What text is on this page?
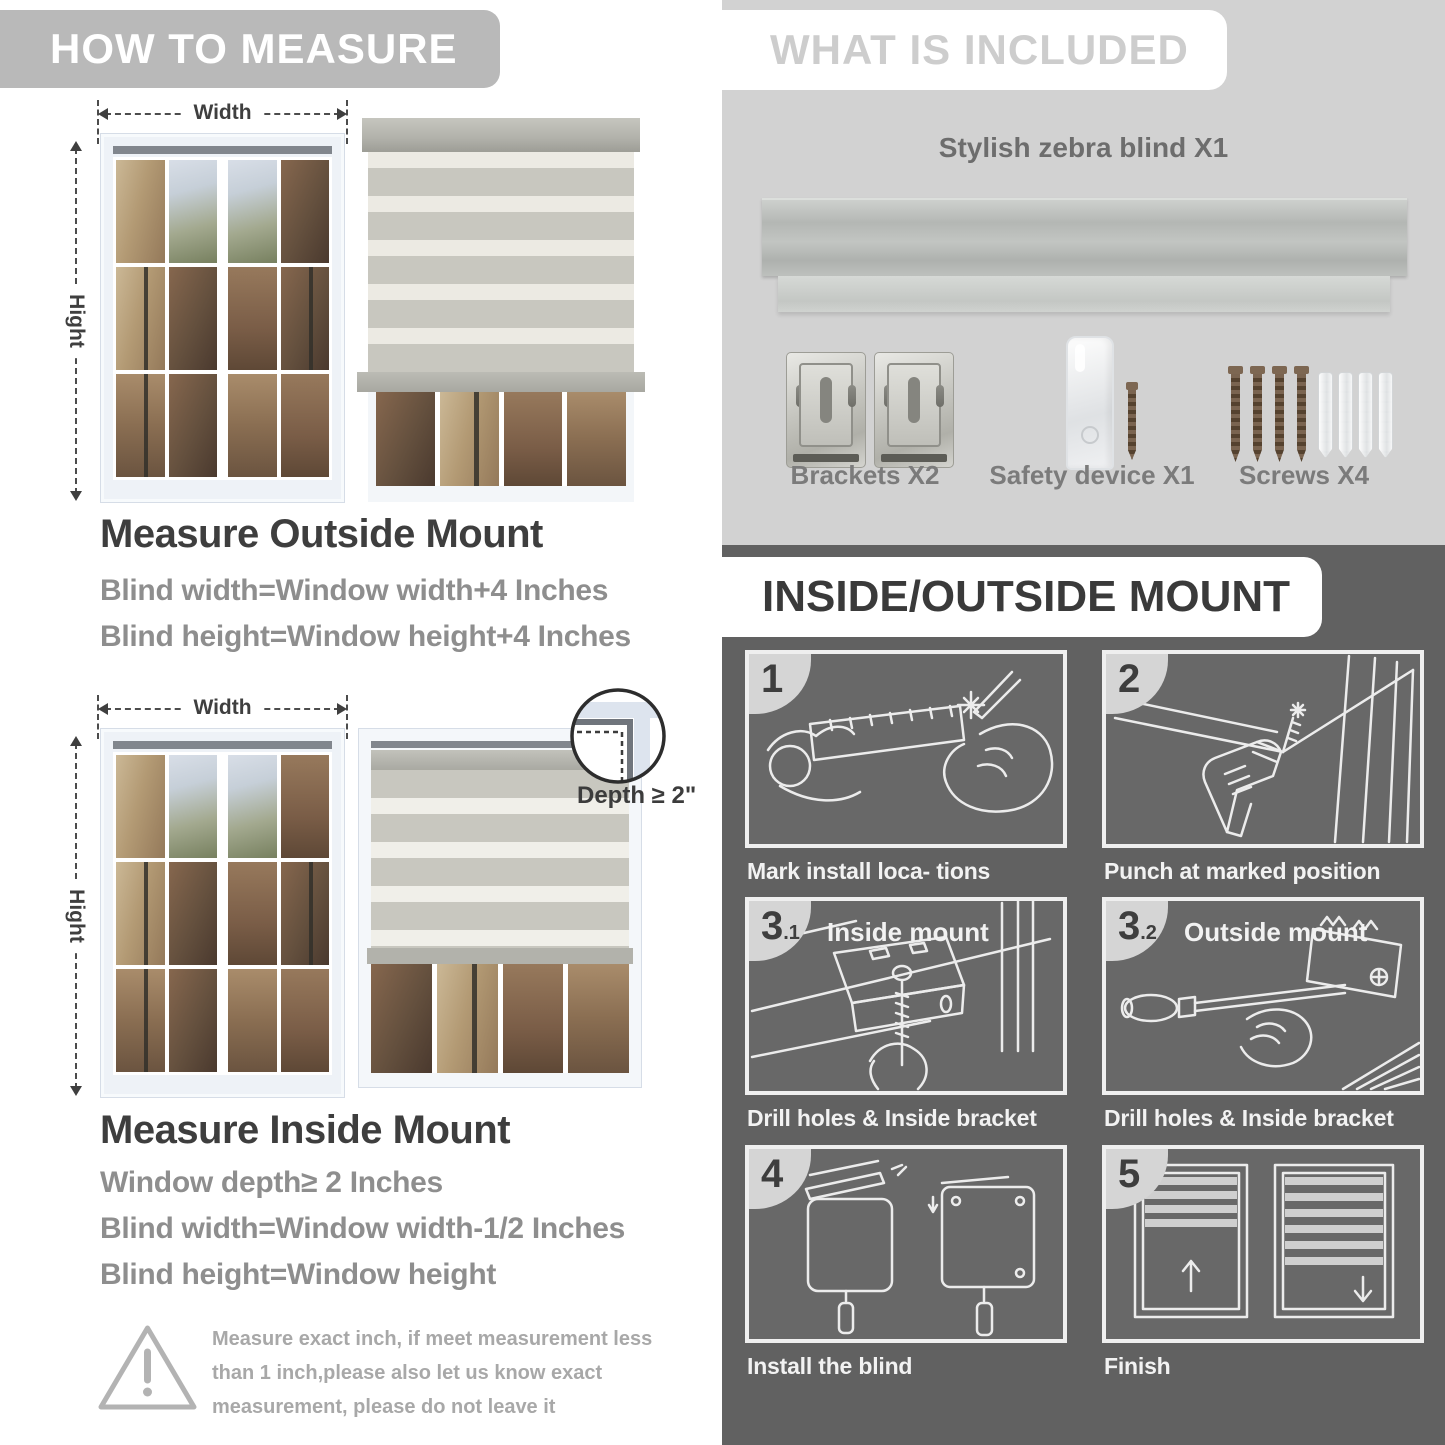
HOW TO MEASURE
Width
Hight
Measure Outside Mount
Blind width=Window width+4 Inches
Blind height=Window height+4 Inches
Width
Hight
Depth ≥ 2"
Measure Inside Mount
Window depth≥ 2 Inches
Blind width=Window width-1/2 Inches
Blind height=Window height
Measure exact inch, if meet measurement less than 1 inch,please also let us know exact measurement, please do not leave it
WHAT IS INCLUDED
Stylish zebra blind X1
Brackets X2	Safety device X1	Screws X4
INSIDE/OUTSIDE MOUNT
1
Mark install loca- tions
2
Punch at marked position
3.1	Inside mount
Drill holes & Inside bracket
3.2	Outside mount
Drill holes & Inside bracket
4
Install the blind
5
Finish
